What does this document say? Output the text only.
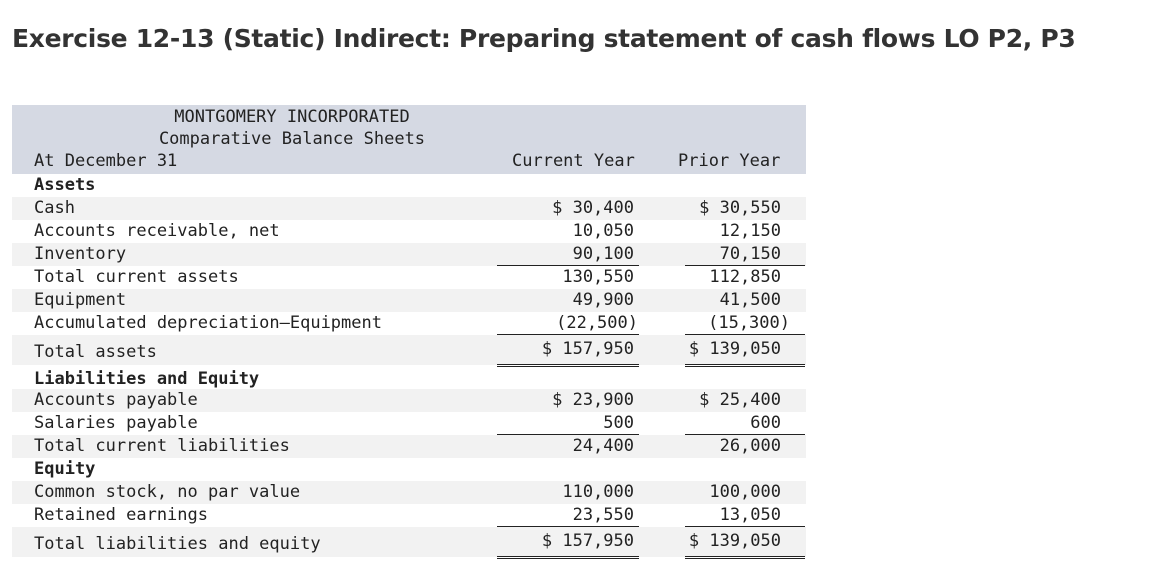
Exercise 12-13 (Static) Indirect: Preparing statement of cash flows LO P2, P3
MONTGOMERY INCORPORATED
Comparative Balance Sheets
At December 31	Current Year	Prior Year
Assets
Cash	$ 30,400	$ 30,550
Accounts receivable, net	10,050	12,150
Inventory	90,100	70,150
Total current assets	130,550	112,850
Equipment	49,900	41,500
Accumulated depreciation—Equipment	(22,500)	(15,300)
Total assets	$ 157,950	$ 139,050
Liabilities and Equity
Accounts payable	$ 23,900	$ 25,400
Salaries payable	500	600
Total current liabilities	24,400	26,000
Equity
Common stock, no par value	110,000	100,000
Retained earnings	23,550	13,050
Total liabilities and equity	$ 157,950	$ 139,050
